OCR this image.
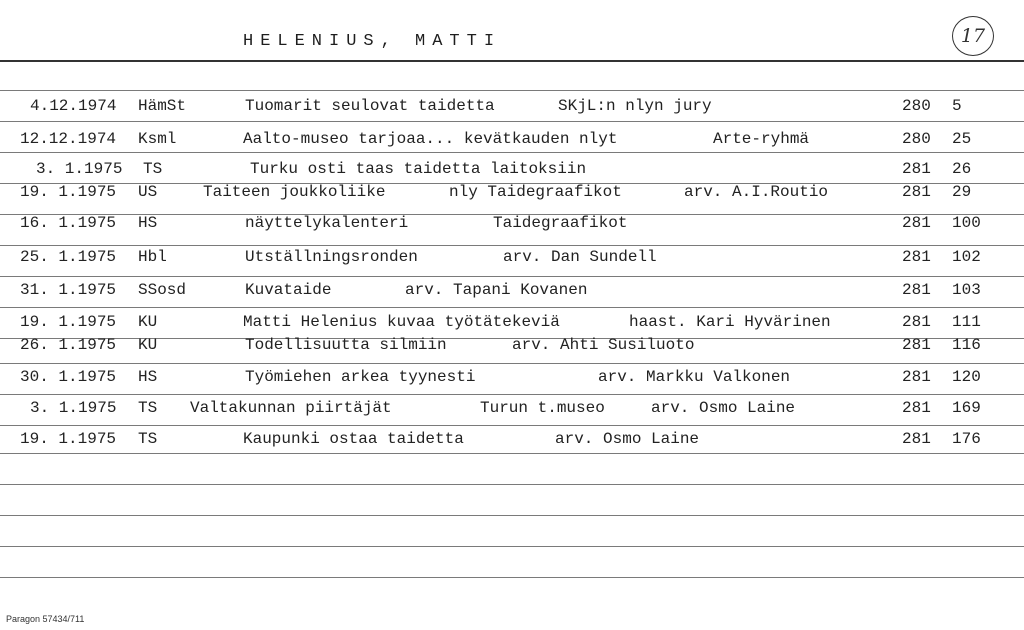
HELENIUS, MATTI	17
4.12.1974 HämSt	Tuomarit seulovat taidetta	SKjL:n nlyn jury	280 5
12.12.1974 Ksml	Aalto-museo tarjoaa... kevätkauden nlyt	Arte-ryhmä	280 25
3. 1.1975 TS	Turku osti taas taidetta laitoksiin	281 26
19. 1.1975 US	Taiteen joukkoliike	nly Taidegraafikot	arv. A.I.Routio	281 29
16. 1.1975 HS	näyttelykalenteri	Taidegraafikot	281 100
25. 1.1975 Hbl	Utställningsronden	arv. Dan Sundell	281 102
31. 1.1975 SSosd	Kuvataide	arv. Tapani Kovanen	281 103
19. 1.1975 KU	Matti Helenius kuvaa työtätekeviä	haast. Kari Hyvärinen	281 111
26. 1.1975 KU	Todellisuutta silmiin	arv. Ahti Susiluoto	281 116
30. 1.1975 HS	Työmiehen arkea tyynesti	arv. Markku Valkonen	281 120
3. 1.1975 TS Valtakunnan piirtäjät	Turun t.museo	arv. Osmo Laine	281 169
19. 1.1975 TS	Kaupunki ostaa taidetta	arv. Osmo Laine	281 176
Paragon 57434/711
